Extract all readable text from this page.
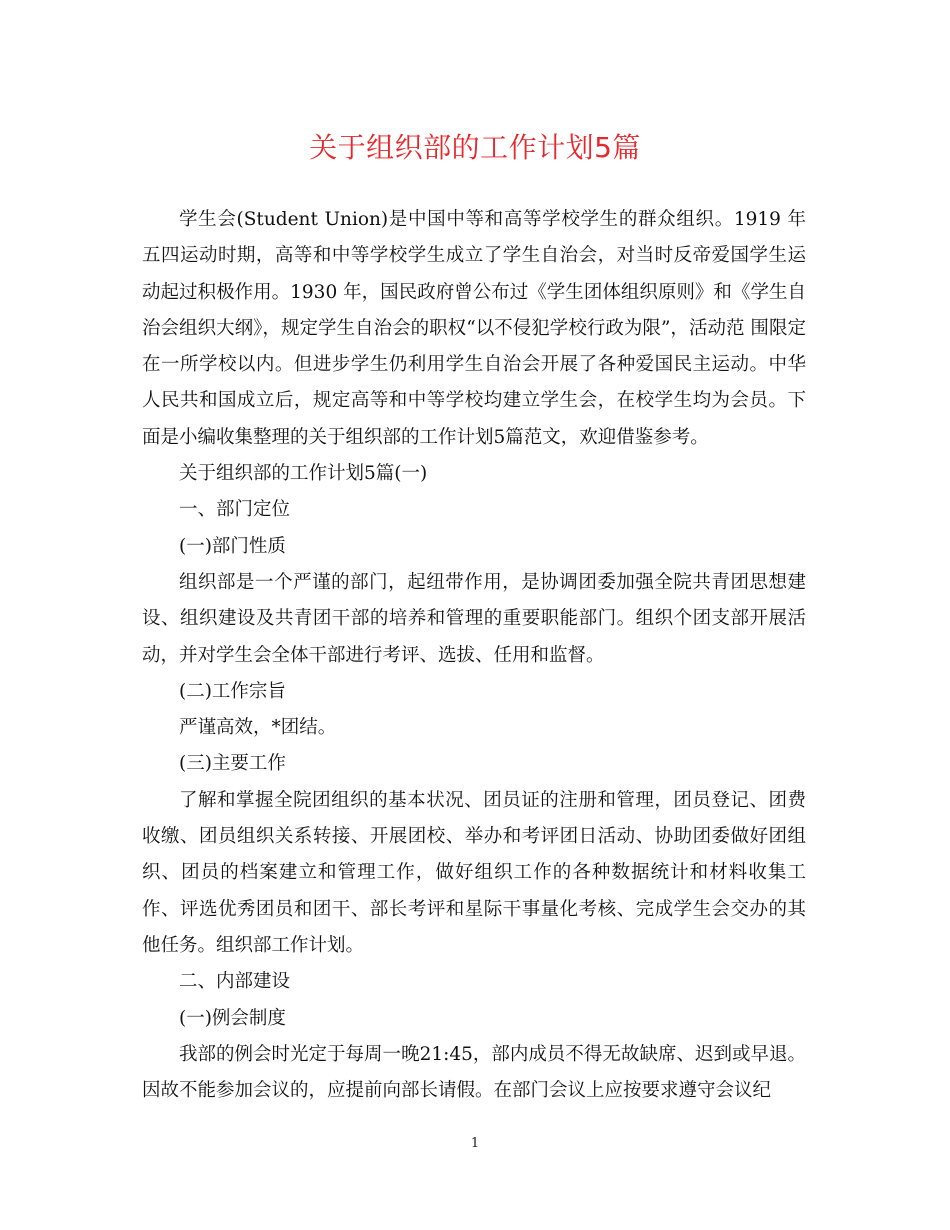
关于组织部的工作计划5篇

学生会(Student Union)是中国中等和高等学校学生的群众组织。1919 年五四运动时期，高等和中等学校学生成立了学生自治会，对当时反帝爱国学生运动起过积极作用。1930 年，国民政府曾公布过《学生团体组织原则》和《学生自治会组织大纲》，规定学生自治会的职权“以不侵犯学校行政为限”，活动范 围限定在一所学校以内。但进步学生仍利用学生自治会开展了各种爱国民主运动。中华人民共和国成立后，规定高等和中等学校均建立学生会，在校学生均为会员。下面是小编收集整理的关于组织部的工作计划5篇范文，欢迎借鉴参考。

关于组织部的工作计划5篇(一)

一、部门定位

(一)部门性质

组织部是一个严谨的部门，起纽带作用，是协调团委加强全院共青团思想建设、组织建设及共青团干部的培养和管理的重要职能部门。组织个团支部开展活动，并对学生会全体干部进行考评、选拔、任用和监督。

(二)工作宗旨

严谨高效，*团结。

(三)主要工作

了解和掌握全院团组织的基本状况、团员证的注册和管理，团员登记、团费收缴、团员组织关系转接、开展团校、举办和考评团日活动、协助团委做好团组织、团员的档案建立和管理工作，做好组织工作的各种数据统计和材料收集工作、评选优秀团员和团干、部长考评和星际干事量化考核、完成学生会交办的其他任务。组织部工作计划。

二、内部建设

(一)例会制度

我部的例会时光定于每周一晚21:45，部内成员不得无故缺席、迟到或早退。因故不能参加会议的，应提前向部长请假。在部门会议上应按要求遵守会议纪

1
